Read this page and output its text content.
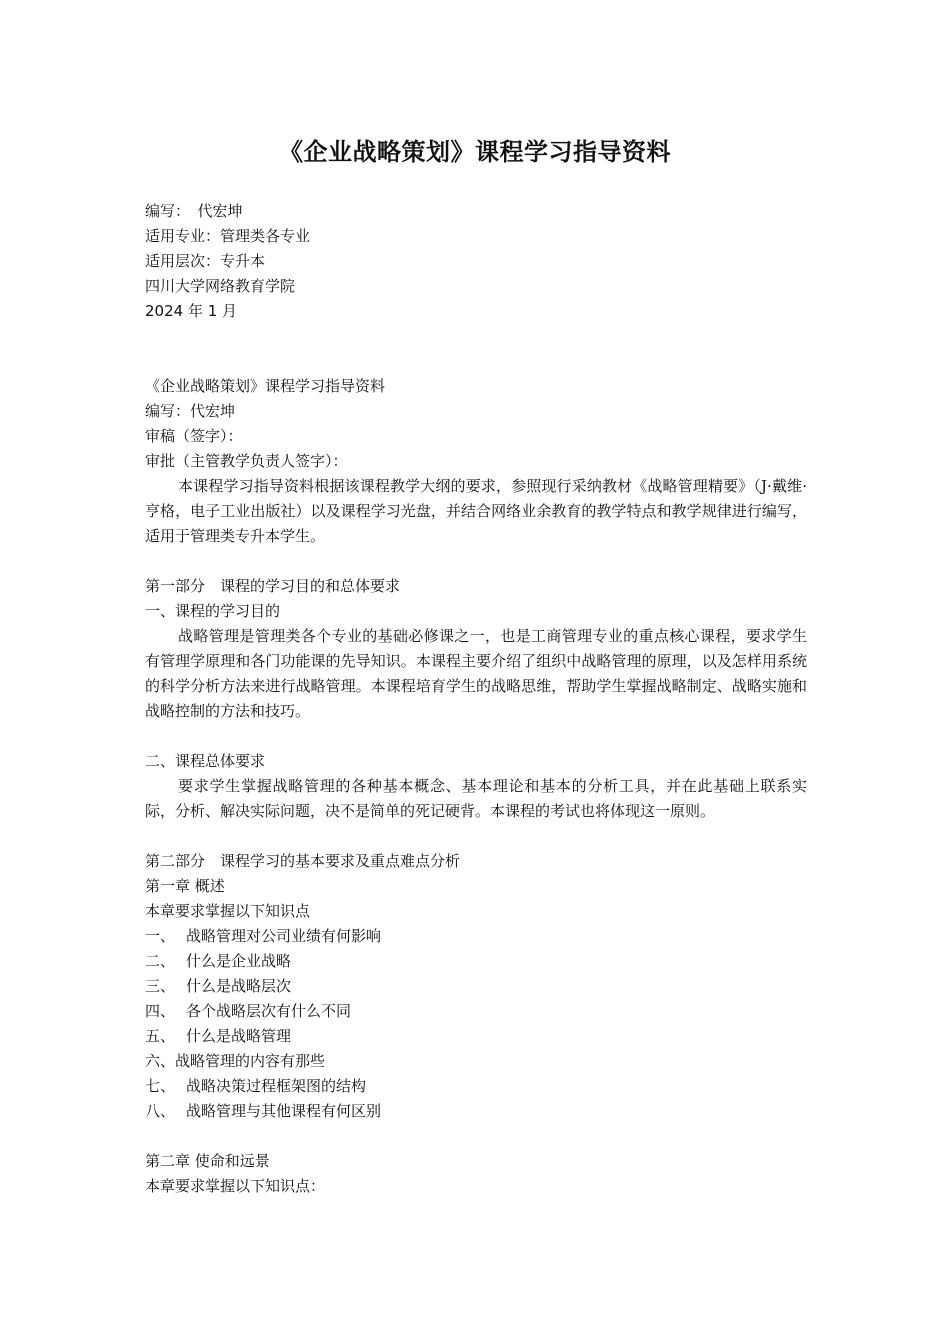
《企业战略策划》课程学习指导资料
编写：　代宏坤
适用专业：管理类各专业
适用层次：专升本
四川大学网络教育学院
2024 年 1 月
《企业战略策划》课程学习指导资料
编写：代宏坤
审稿（签字）：
审批（主管教学负责人签字）：
本课程学习指导资料根据该课程教学大纲的要求，参照现行采纳教材《战略管理精要》（J·戴维·亨格，电子工业出版社）以及课程学习光盘，并结合网络业余教育的教学特点和教学规律进行编写，适用于管理类专升本学生。
第一部分　课程的学习目的和总体要求
一、课程的学习目的
战略管理是管理类各个专业的基础必修课之一，也是工商管理专业的重点核心课程，要求学生有管理学原理和各门功能课的先导知识。本课程主要介绍了组织中战略管理的原理，以及怎样用系统的科学分析方法来进行战略管理。本课程培育学生的战略思维，帮助学生掌握战略制定、战略实施和战略控制的方法和技巧。
二、课程总体要求
要求学生掌握战略管理的各种基本概念、基本理论和基本的分析工具，并在此基础上联系实际，分析、解决实际问题，决不是简单的死记硬背。本课程的考试也将体现这一原则。
第二部分　课程学习的基本要求及重点难点分析
第一章 概述
本章要求掌握以下知识点
一、 战略管理对公司业绩有何影响
二、 什么是企业战略
三、 什么是战略层次
四、 各个战略层次有什么不同
五、 什么是战略管理
六、战略管理的内容有那些
七、 战略决策过程框架图的结构
八、 战略管理与其他课程有何区别
第二章 使命和远景
本章要求掌握以下知识点：
